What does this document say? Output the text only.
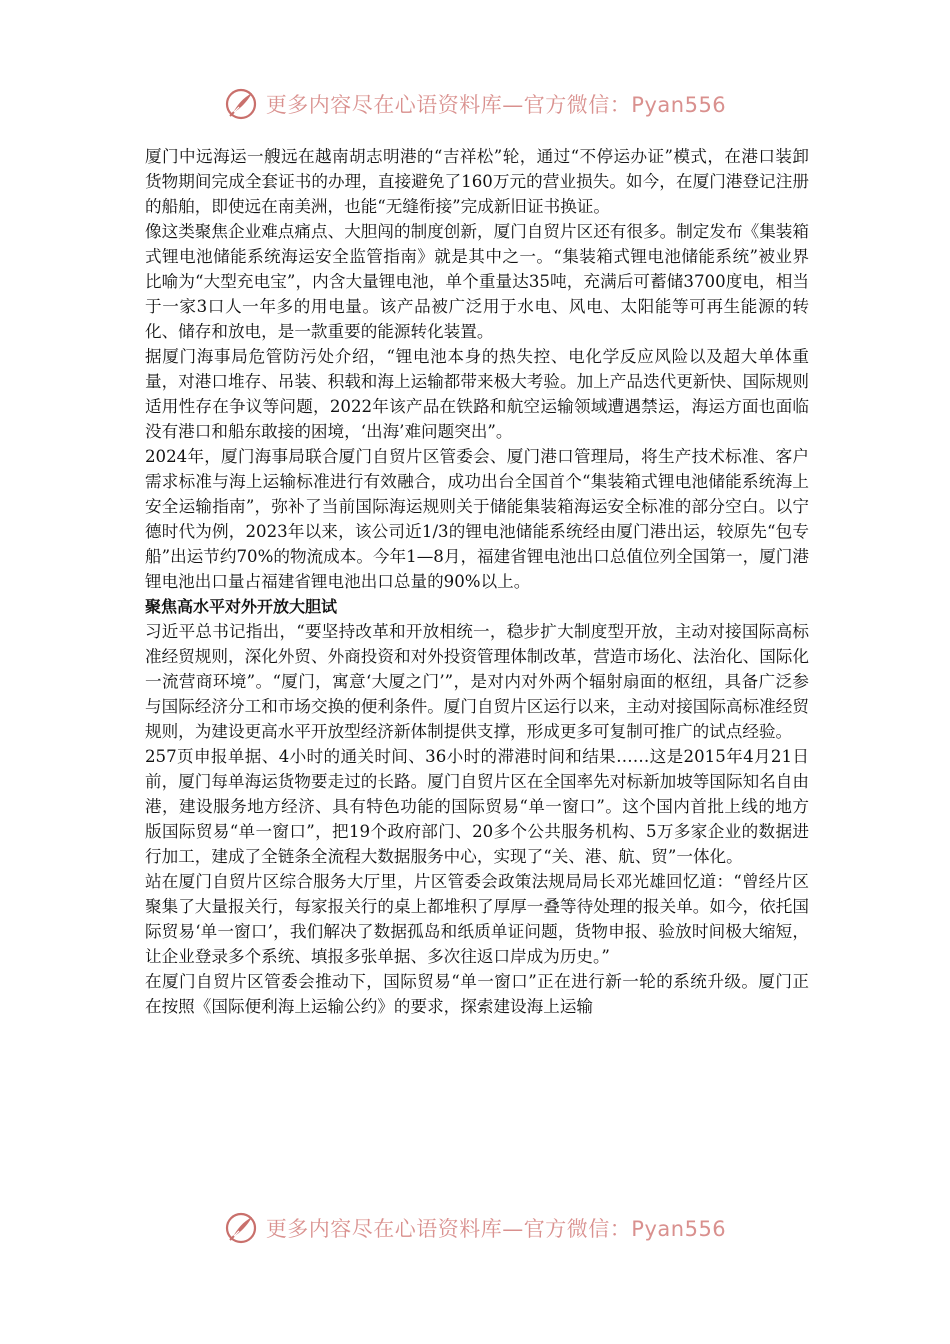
更多内容尽在心语资料库—官方微信：Pyan556

厦门中远海运一艘远在越南胡志明港的“吉祥松”轮，通过“不停运办证”模式，在港口装卸货物期间完成全套证书的办理，直接避免了160万元的营业损失。如今，在厦门港登记注册的船舶，即使远在南美洲，也能“无缝衔接”完成新旧证书换证。

像这类聚焦企业难点痛点、大胆闯的制度创新，厦门自贸片区还有很多。制定发布《集装箱式锂电池储能系统海运安全监管指南》就是其中之一。“集装箱式锂电池储能系统”被业界比喻为“大型充电宝”，内含大量锂电池，单个重量达35吨，充满后可蓄储3700度电，相当于一家3口人一年多的用电量。该产品被广泛用于水电、风电、太阳能等可再生能源的转化、储存和放电，是一款重要的能源转化装置。

据厦门海事局危管防污处介绍，“锂电池本身的热失控、电化学反应风险以及超大单体重量，对港口堆存、吊装、积载和海上运输都带来极大考验。加上产品迭代更新快、国际规则适用性存在争议等问题，2022年该产品在铁路和航空运输领域遭遇禁运，海运方面也面临没有港口和船东敢接的困境，‘出海’难问题突出”。

2024年，厦门海事局联合厦门自贸片区管委会、厦门港口管理局，将生产技术标准、客户需求标准与海上运输标准进行有效融合，成功出台全国首个“集装箱式锂电池储能系统海上安全运输指南”，弥补了当前国际海运规则关于储能集装箱海运安全标准的部分空白。以宁德时代为例，2023年以来，该公司近1/3的锂电池储能系统经由厦门港出运，较原先“包专船”出运节约70%的物流成本。今年1—8月，福建省锂电池出口总值位列全国第一，厦门港锂电池出口量占福建省锂电池出口总量的90%以上。

聚焦高水平对外开放大胆试

习近平总书记指出，“要坚持改革和开放相统一，稳步扩大制度型开放，主动对接国际高标准经贸规则，深化外贸、外商投资和对外投资管理体制改革，营造市场化、法治化、国际化一流营商环境”。“厦门，寓意‘大厦之门’”，是对内对外两个辐射扇面的枢纽，具备广泛参与国际经济分工和市场交换的便利条件。厦门自贸片区运行以来，主动对接国际高标准经贸规则，为建设更高水平开放型经济新体制提供支撑，形成更多可复制可推广的试点经验。

257页申报单据、4小时的通关时间、36小时的滞港时间和结果……这是2015年4月21日前，厦门每单海运货物要走过的长路。厦门自贸片区在全国率先对标新加坡等国际知名自由港，建设服务地方经济、具有特色功能的国际贸易“单一窗口”。这个国内首批上线的地方版国际贸易“单一窗口”，把19个政府部门、20多个公共服务机构、5万多家企业的数据进行加工，建成了全链条全流程大数据服务中心，实现了“关、港、航、贸”一体化。

站在厦门自贸片区综合服务大厅里，片区管委会政策法规局局长邓光雄回忆道：“曾经片区聚集了大量报关行，每家报关行的桌上都堆积了厚厚一叠等待处理的报关单。如今，依托国际贸易‘单一窗口’，我们解决了数据孤岛和纸质单证问题，货物申报、验放时间极大缩短，让企业登录多个系统、填报多张单据、多次往返口岸成为历史。”

在厦门自贸片区管委会推动下，国际贸易“单一窗口”正在进行新一轮的系统升级。厦门正在按照《国际便利海上运输公约》的要求，探索建设海上运输

更多内容尽在心语资料库—官方微信：Pyan556
